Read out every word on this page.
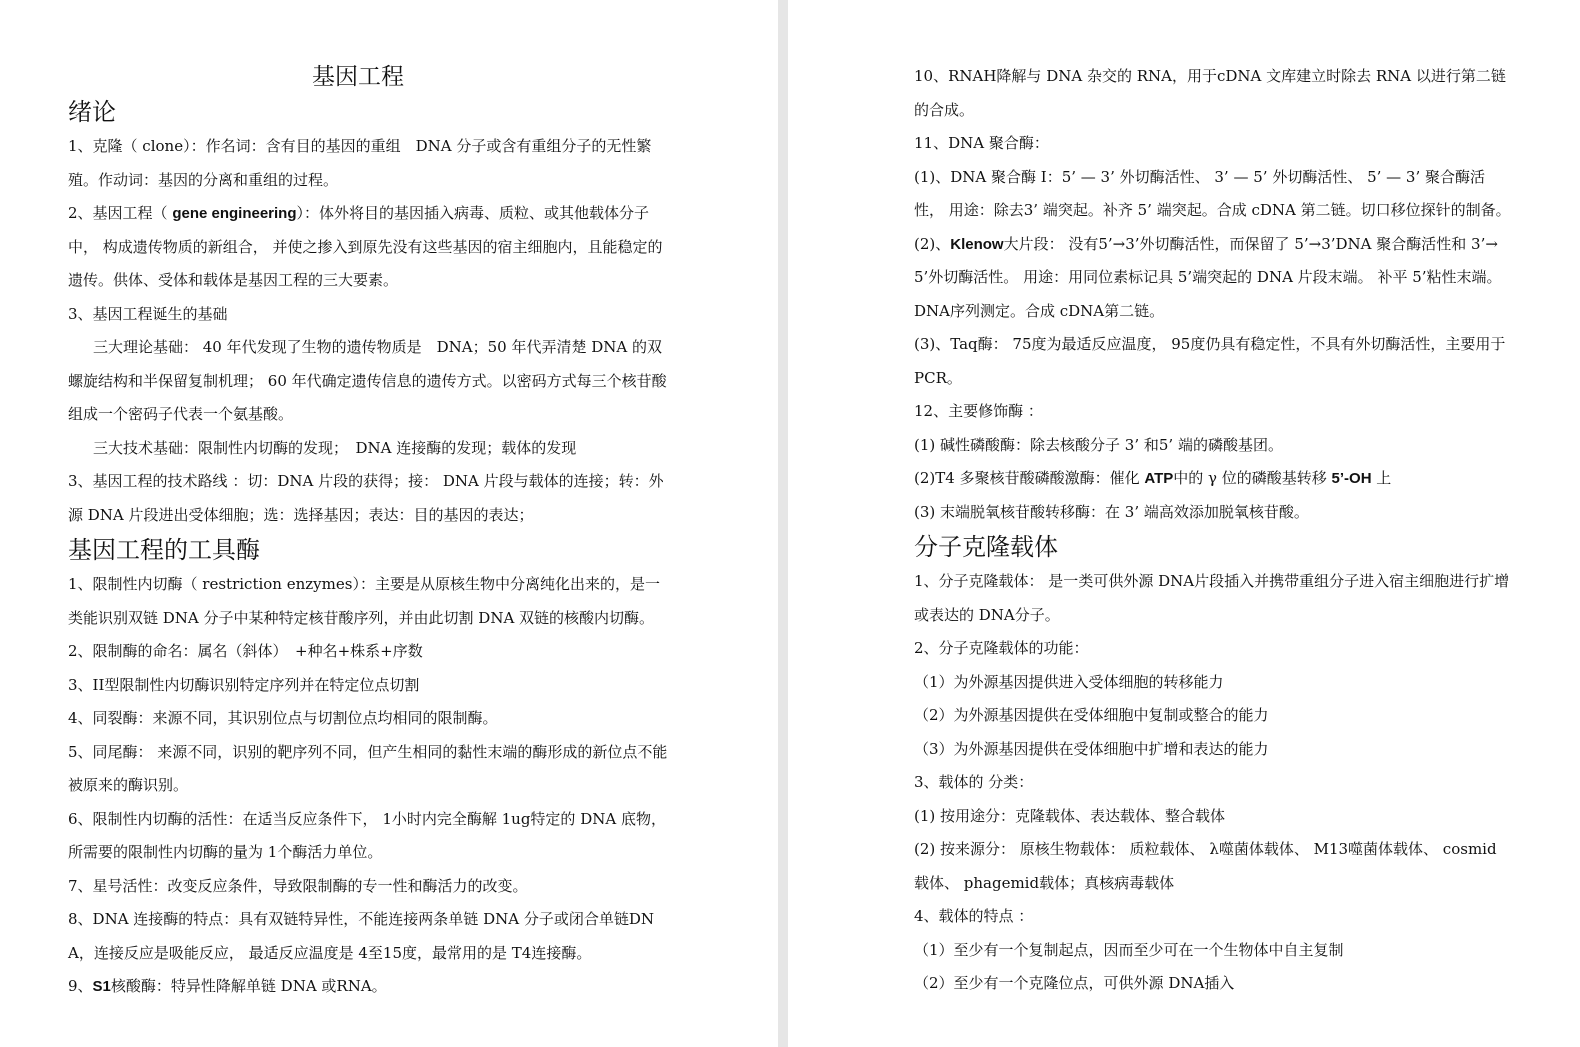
基因工程
绪论

1、克隆（ clone）：作名词：含有目的基因的重组　DNA 分子或含有重组分子的无性繁殖。作动词：基因的分离和重组的过程。

2、基因工程（ gene engineering）：体外将目的基因插入病毒、质粒、或其他载体分子中， 构成遗传物质的新组合， 并使之掺入到原先没有这些基因的宿主细胞内，且能稳定的遗传。供体、受体和载体是基因工程的三大要素。

3、基因工程诞生的基础

三大理论基础： 40 年代发现了生物的遗传物质是　DNA；50 年代弄清楚 DNA 的双螺旋结构和半保留复制机理； 60 年代确定遗传信息的遗传方式。以密码方式每三个核苷酸组成一个密码子代表一个氨基酸。

三大技术基础：限制性内切酶的发现；　DNA 连接酶的发现；载体的发现

3、基因工程的技术路线 ：切：DNA 片段的获得；接： DNA 片段与载体的连接；转：外源 DNA 片段进出受体细胞；选：选择基因；表达：目的基因的表达；

基因工程的工具酶

1、限制性内切酶（ restriction enzymes）：主要是从原核生物中分离纯化出来的，是一类能识别双链 DNA 分子中某种特定核苷酸序列，并由此切割 DNA 双链的核酸内切酶。

2、限制酶的命名：属名（斜体）　+种名+株系+序数

3、II型限制性内切酶识别特定序列并在特定位点切割

4、同裂酶：来源不同，其识别位点与切割位点均相同的限制酶。

5、同尾酶： 来源不同，识别的靶序列不同，但产生相同的黏性末端的酶形成的新位点不能被原来的酶识别。

6、限制性内切酶的活性：在适当反应条件下， 1小时内完全酶解 1ug特定的 DNA 底物，所需要的限制性内切酶的量为 1个酶活力单位。

7、星号活性：改变反应条件，导致限制酶的专一性和酶活力的改变。

8、DNA 连接酶的特点：具有双链特异性，不能连接两条单链 DNA 分子或闭合单链DNA，连接反应是吸能反应， 最适反应温度是 4至15度，最常用的是 T4连接酶。

9、S1核酸酶：特异性降解单链 DNA 或RNA。

10、RNAH降解与 DNA 杂交的 RNA，用于cDNA 文库建立时除去 RNA 以进行第二链的合成。

11、DNA 聚合酶：

(1)、DNA 聚合酶 I：5’ — 3’ 外切酶活性、 3’ — 5’ 外切酶活性、 5’ — 3’ 聚合酶活性， 用途：除去3’ 端突起。补齐 5’ 端突起。合成 cDNA 第二链。切口移位探针的制备。

(2)、Klenow大片段： 没有5’→3’外切酶活性，而保留了 5’→3’DNA 聚合酶活性和 3’→5’外切酶活性。 用途：用同位素标记具 5’端突起的 DNA 片段末端。 补平 5’粘性末端。 DNA序列测定。合成 cDNA第二链。

(3)、Taq酶： 75度为最适反应温度， 95度仍具有稳定性，不具有外切酶活性，主要用于 PCR。

12、主要修饰酶 ：

(1) 碱性磷酸酶：除去核酸分子 3’ 和5’ 端的磷酸基团。

(2)T4 多聚核苷酸磷酸激酶：催化 ATP中的 γ 位的磷酸基转移 5’-OH 上

(3) 末端脱氧核苷酸转移酶：在 3’ 端高效添加脱氧核苷酸。

分子克隆载体

1、分子克隆载体： 是一类可供外源 DNA片段插入并携带重组分子进入宿主细胞进行扩增或表达的 DNA分子。

2、分子克隆载体的功能：

（1）为外源基因提供进入受体细胞的转移能力

（2）为外源基因提供在受体细胞中复制或整合的能力

（3）为外源基因提供在受体细胞中扩增和表达的能力

3、载体的 分类：

(1) 按用途分：克隆载体、表达载体、整合载体

(2) 按来源分： 原核生物载体： 质粒载体、 λ噬菌体载体、 M13噬菌体载体、 cosmid 载体、 phagemid载体；真核病毒载体

4、载体的特点 ：

（1）至少有一个复制起点，因而至少可在一个生物体中自主复制

（2）至少有一个克隆位点，可供外源 DNA插入
